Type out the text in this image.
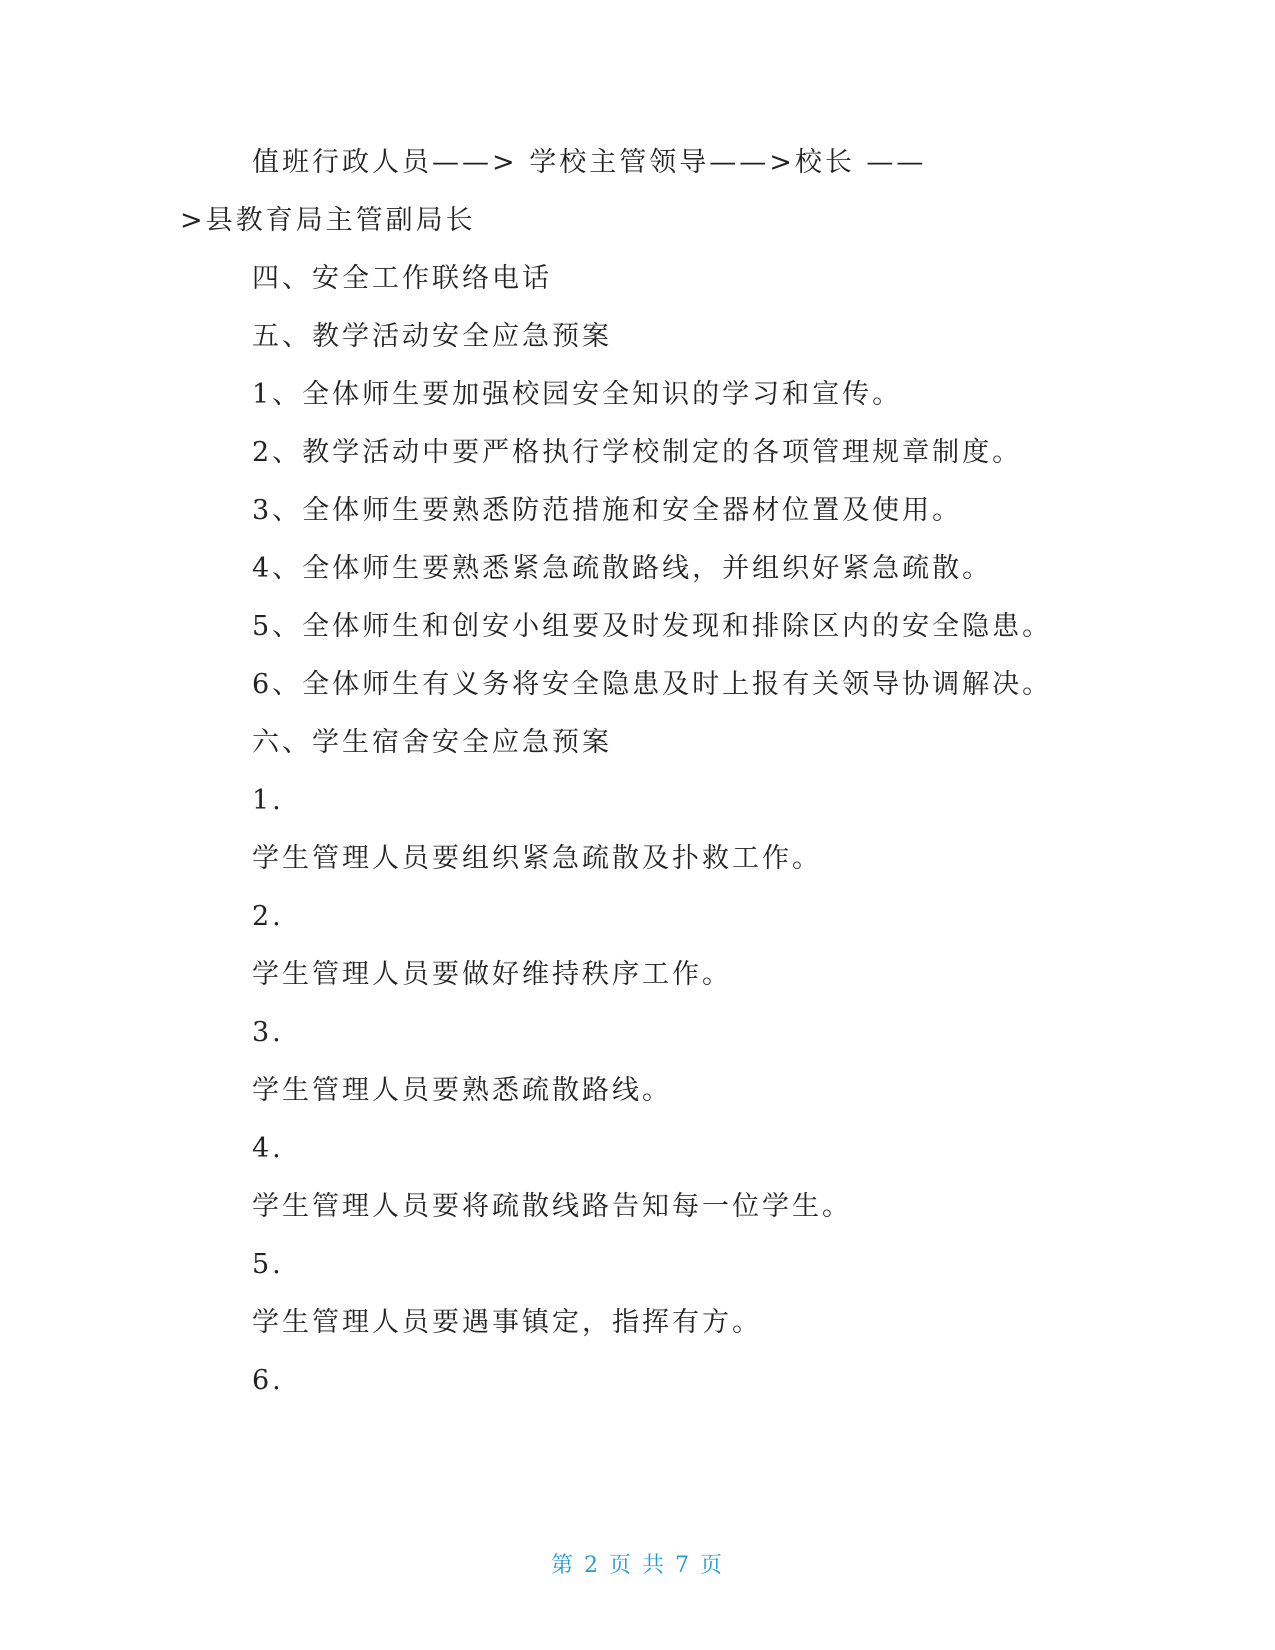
值班行政人员——> 学校主管领导——>校长 ——
>县教育局主管副局长
四、安全工作联络电话
五、教学活动安全应急预案
1、全体师生要加强校园安全知识的学习和宣传。
2、教学活动中要严格执行学校制定的各项管理规章制度。
3、全体师生要熟悉防范措施和安全器材位置及使用。
4、全体师生要熟悉紧急疏散路线，并组织好紧急疏散。
5、全体师生和创安小组要及时发现和排除区内的安全隐患。
6、全体师生有义务将安全隐患及时上报有关领导协调解决。
六、学生宿舍安全应急预案
1.
学生管理人员要组织紧急疏散及扑救工作。
2.
学生管理人员要做好维持秩序工作。
3.
学生管理人员要熟悉疏散路线。
4.
学生管理人员要将疏散线路告知每一位学生。
5.
学生管理人员要遇事镇定，指挥有方。
6.
第 2 页 共 7 页
